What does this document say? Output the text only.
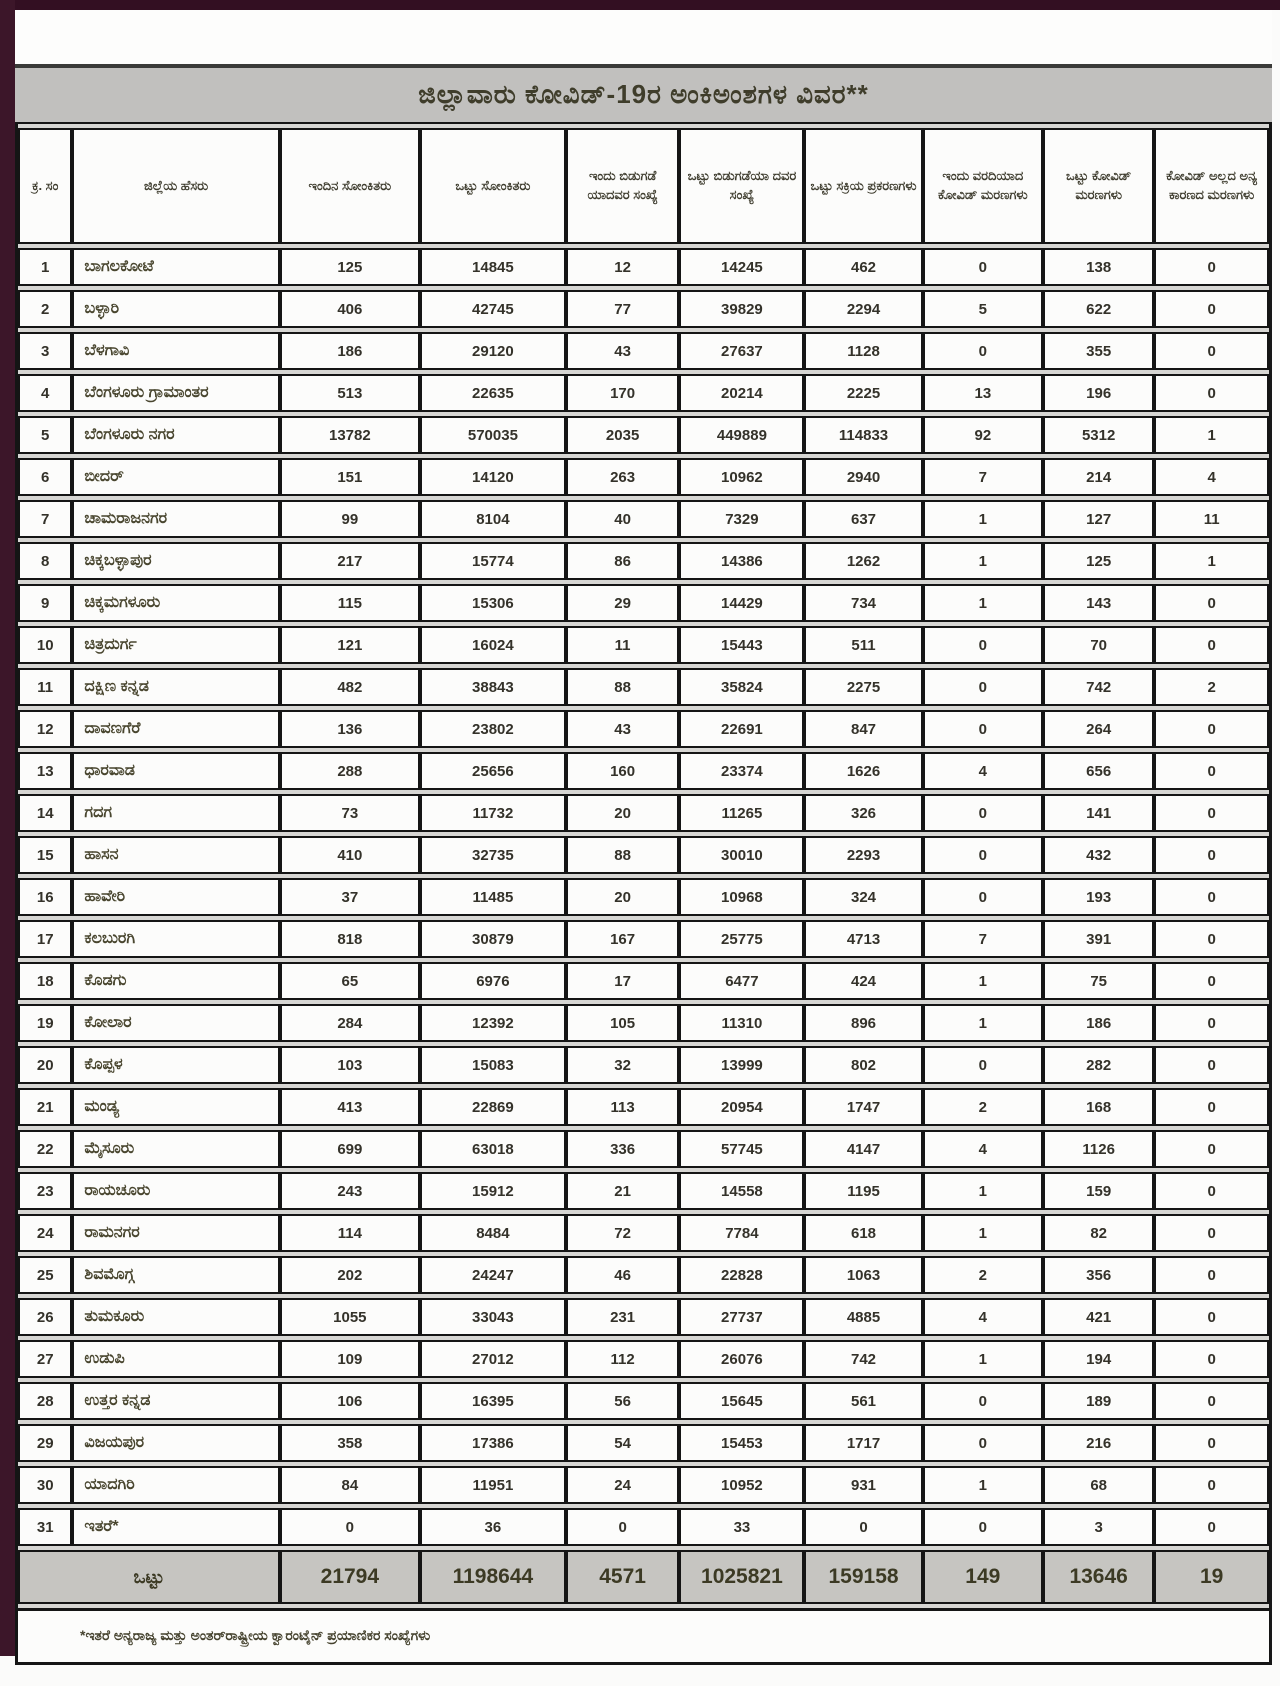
ಜಿಲ್ಲಾವಾರು ಕೋವಿಡ್-19ರ ಅಂಕಿಅಂಶಗಳ ವಿವರ**
ಕ್ರ. ಸಂ	ಜಿಲ್ಲೆಯ ಹೆಸರು	ಇಂದಿನ ಸೋಂಕಿತರು	ಒಟ್ಟು ಸೋಂಕಿತರು	ಇಂದು ಬಿಡುಗಡೆ ಯಾದವರ ಸಂಖ್ಯೆ	ಒಟ್ಟು ಬಿಡುಗಡೆಯಾ ದವರ ಸಂಖ್ಯೆ	ಒಟ್ಟು ಸಕ್ರಿಯ ಪ್ರಕರಣಗಳು	ಇಂದು ವರದಿಯಾದ ಕೋವಿಡ್ ಮರಣಗಳು	ಒಟ್ಟು ಕೋವಿಡ್ ಮರಣಗಳು	ಕೋವಿಡ್ ಅಲ್ಲದ ಅನ್ಯ ಕಾರಣದ ಮರಣಗಳು
1	ಬಾಗಲಕೋಟೆ	125	14845	12	14245	462	0	138	0
2	ಬಳ್ಳಾರಿ	406	42745	77	39829	2294	5	622	0
3	ಬೆಳಗಾವಿ	186	29120	43	27637	1128	0	355	0
4	ಬೆಂಗಳೂರು ಗ್ರಾಮಾಂತರ	513	22635	170	20214	2225	13	196	0
5	ಬೆಂಗಳೂರು ನಗರ	13782	570035	2035	449889	114833	92	5312	1
6	ಬೀದರ್	151	14120	263	10962	2940	7	214	4
7	ಚಾಮರಾಜನಗರ	99	8104	40	7329	637	1	127	11
8	ಚಿಕ್ಕಬಳ್ಳಾಪುರ	217	15774	86	14386	1262	1	125	1
9	ಚಿಕ್ಕಮಗಳೂರು	115	15306	29	14429	734	1	143	0
10	ಚಿತ್ರದುರ್ಗ	121	16024	11	15443	511	0	70	0
11	ದಕ್ಷಿಣ ಕನ್ನಡ	482	38843	88	35824	2275	0	742	2
12	ದಾವಣಗೆರೆ	136	23802	43	22691	847	0	264	0
13	ಧಾರವಾಡ	288	25656	160	23374	1626	4	656	0
14	ಗದಗ	73	11732	20	11265	326	0	141	0
15	ಹಾಸನ	410	32735	88	30010	2293	0	432	0
16	ಹಾವೇರಿ	37	11485	20	10968	324	0	193	0
17	ಕಲಬುರಗಿ	818	30879	167	25775	4713	7	391	0
18	ಕೊಡಗು	65	6976	17	6477	424	1	75	0
19	ಕೋಲಾರ	284	12392	105	11310	896	1	186	0
20	ಕೊಪ್ಪಳ	103	15083	32	13999	802	0	282	0
21	ಮಂಡ್ಯ	413	22869	113	20954	1747	2	168	0
22	ಮೈಸೂರು	699	63018	336	57745	4147	4	1126	0
23	ರಾಯಚೂರು	243	15912	21	14558	1195	1	159	0
24	ರಾಮನಗರ	114	8484	72	7784	618	1	82	0
25	ಶಿವಮೊಗ್ಗ	202	24247	46	22828	1063	2	356	0
26	ತುಮಕೂರು	1055	33043	231	27737	4885	4	421	0
27	ಉಡುಪಿ	109	27012	112	26076	742	1	194	0
28	ಉತ್ತರ ಕನ್ನಡ	106	16395	56	15645	561	0	189	0
29	ವಿಜಯಪುರ	358	17386	54	15453	1717	0	216	0
30	ಯಾದಗಿರಿ	84	11951	24	10952	931	1	68	0
31	ಇತರೆ*	0	36	0	33	0	0	3	0
ಒಟ್ಟು		21794	1198644	4571	1025821	159158	149	13646	19
*ಇತರೆ ಅನ್ಯರಾಜ್ಯ ಮತ್ತು ಅಂತರ್‌ರಾಷ್ಟ್ರೀಯ ಕ್ವಾರಂಟೈನ್ ಪ್ರಯಾಣಿಕರ ಸಂಖ್ಯೆಗಳು
